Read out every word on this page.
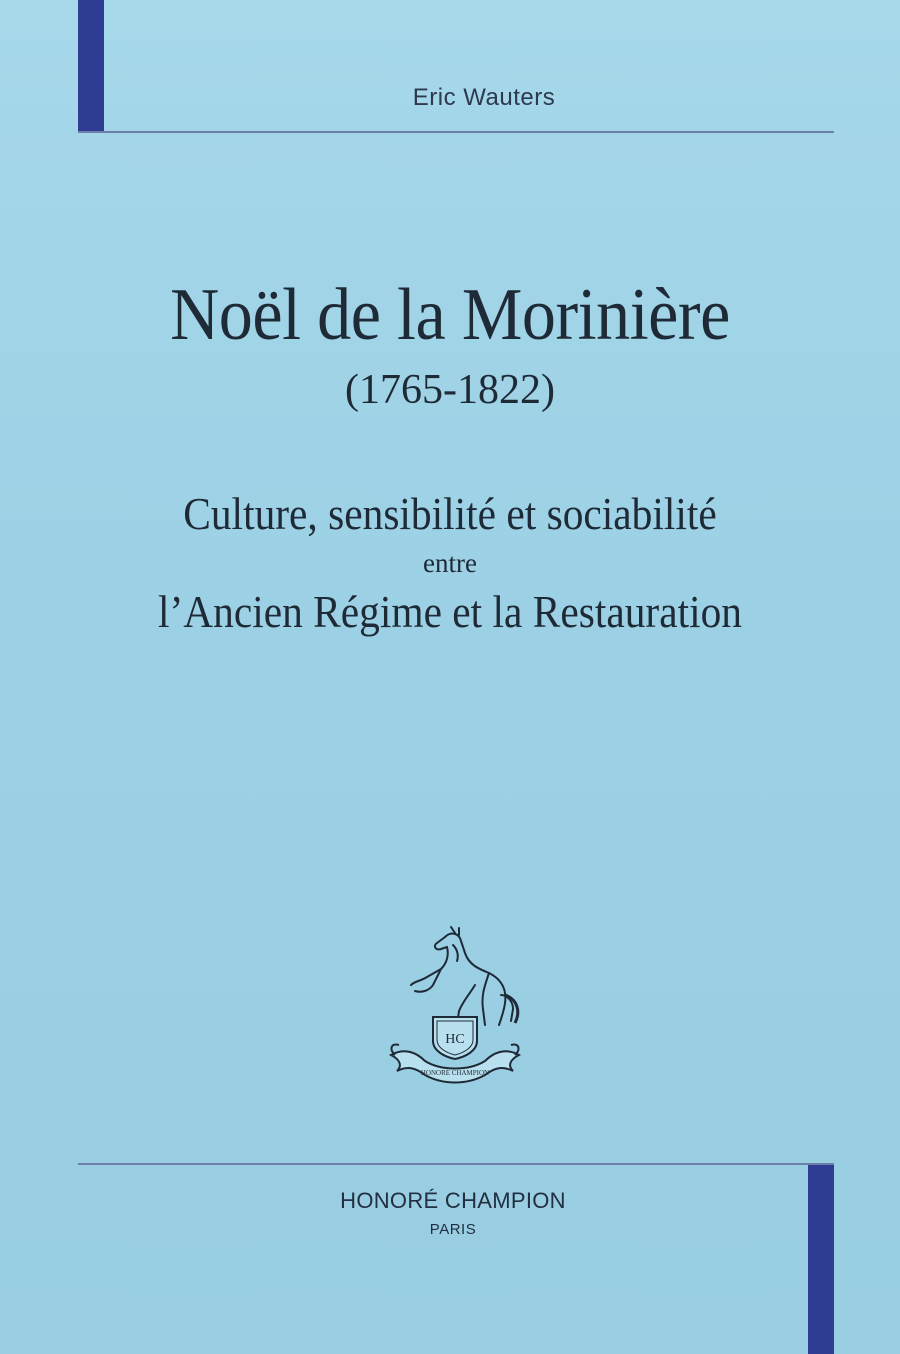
Eric Wauters
Noël de la Morinière
(1765-1822)
Culture, sensibilité et sociabilité
entre
l’Ancien Régime et la Restauration
HC
HONORÉ CHAMPION
HONORÉ CHAMPION
PARIS
